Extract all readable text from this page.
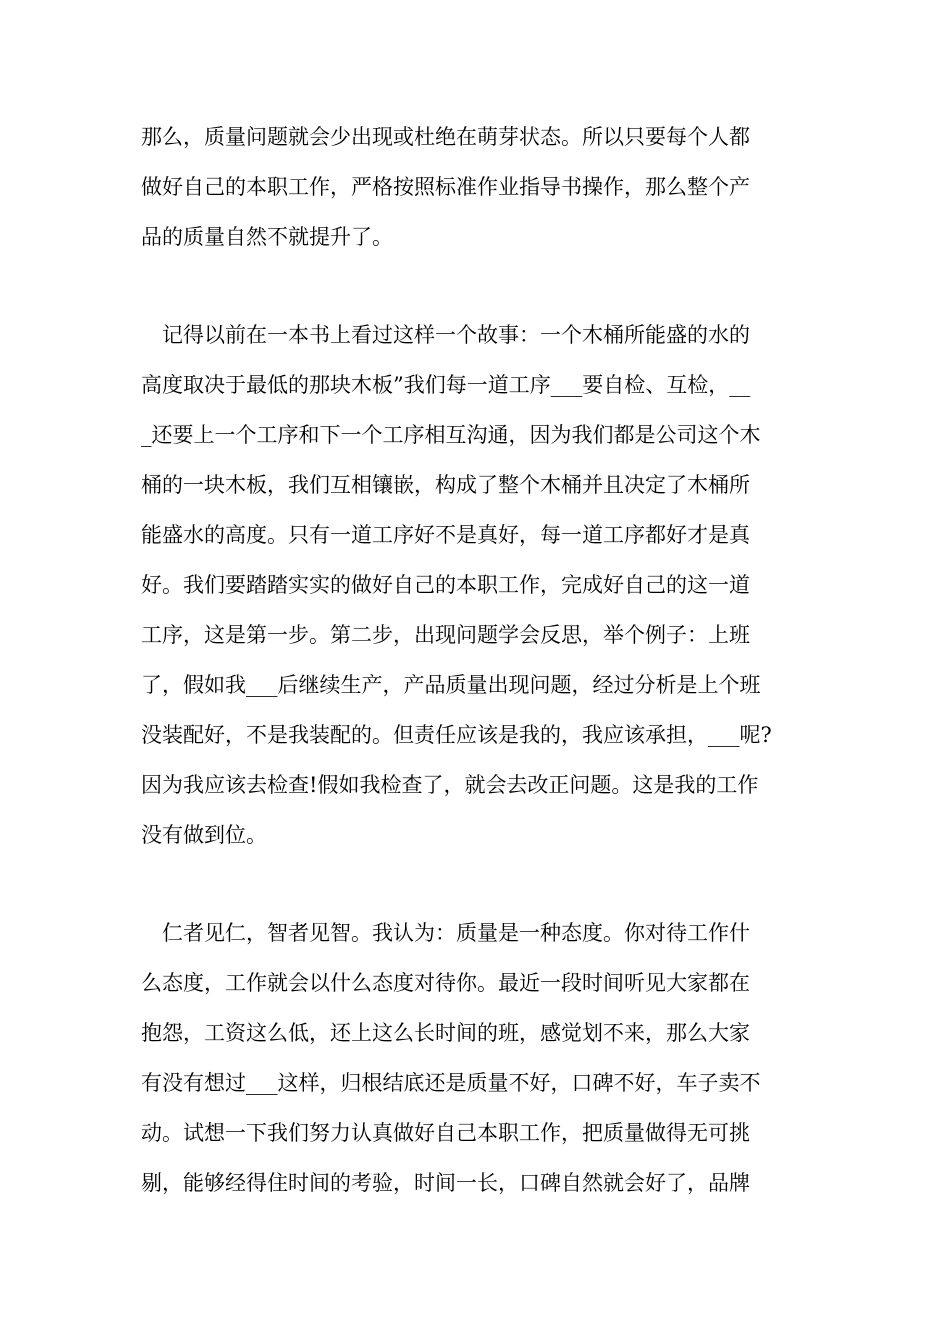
那么，质量问题就会少出现或杜绝在萌芽状态。所以只要每个人都
做好自己的本职工作，严格按照标准作业指导书操作，那么整个产
品的质量自然不就提升了。
　记得以前在一本书上看过这样一个故事：一个木桶所能盛的水的
高度取决于最低的那块木板”我们每一道工序___要自检、互检，__
_还要上一个工序和下一个工序相互沟通，因为我们都是公司这个木
桶的一块木板，我们互相镶嵌，构成了整个木桶并且决定了木桶所
能盛水的高度。只有一道工序好不是真好，每一道工序都好才是真
好。我们要踏踏实实的做好自己的本职工作，完成好自己的这一道
工序，这是第一步。第二步，出现问题学会反思，举个例子：上班
了，假如我___后继续生产，产品质量出现问题，经过分析是上个班
没装配好，不是我装配的。但责任应该是我的，我应该承担，___呢?
因为我应该去检查!假如我检查了，就会去改正问题。这是我的工作
没有做到位。
　仁者见仁，智者见智。我认为：质量是一种态度。你对待工作什
么态度，工作就会以什么态度对待你。最近一段时间听见大家都在
抱怨，工资这么低，还上这么长时间的班，感觉划不来，那么大家
有没有想过___这样，归根结底还是质量不好，口碑不好，车子卖不
动。试想一下我们努力认真做好自己本职工作，把质量做得无可挑
剔，能够经得住时间的考验，时间一长，口碑自然就会好了，品牌
